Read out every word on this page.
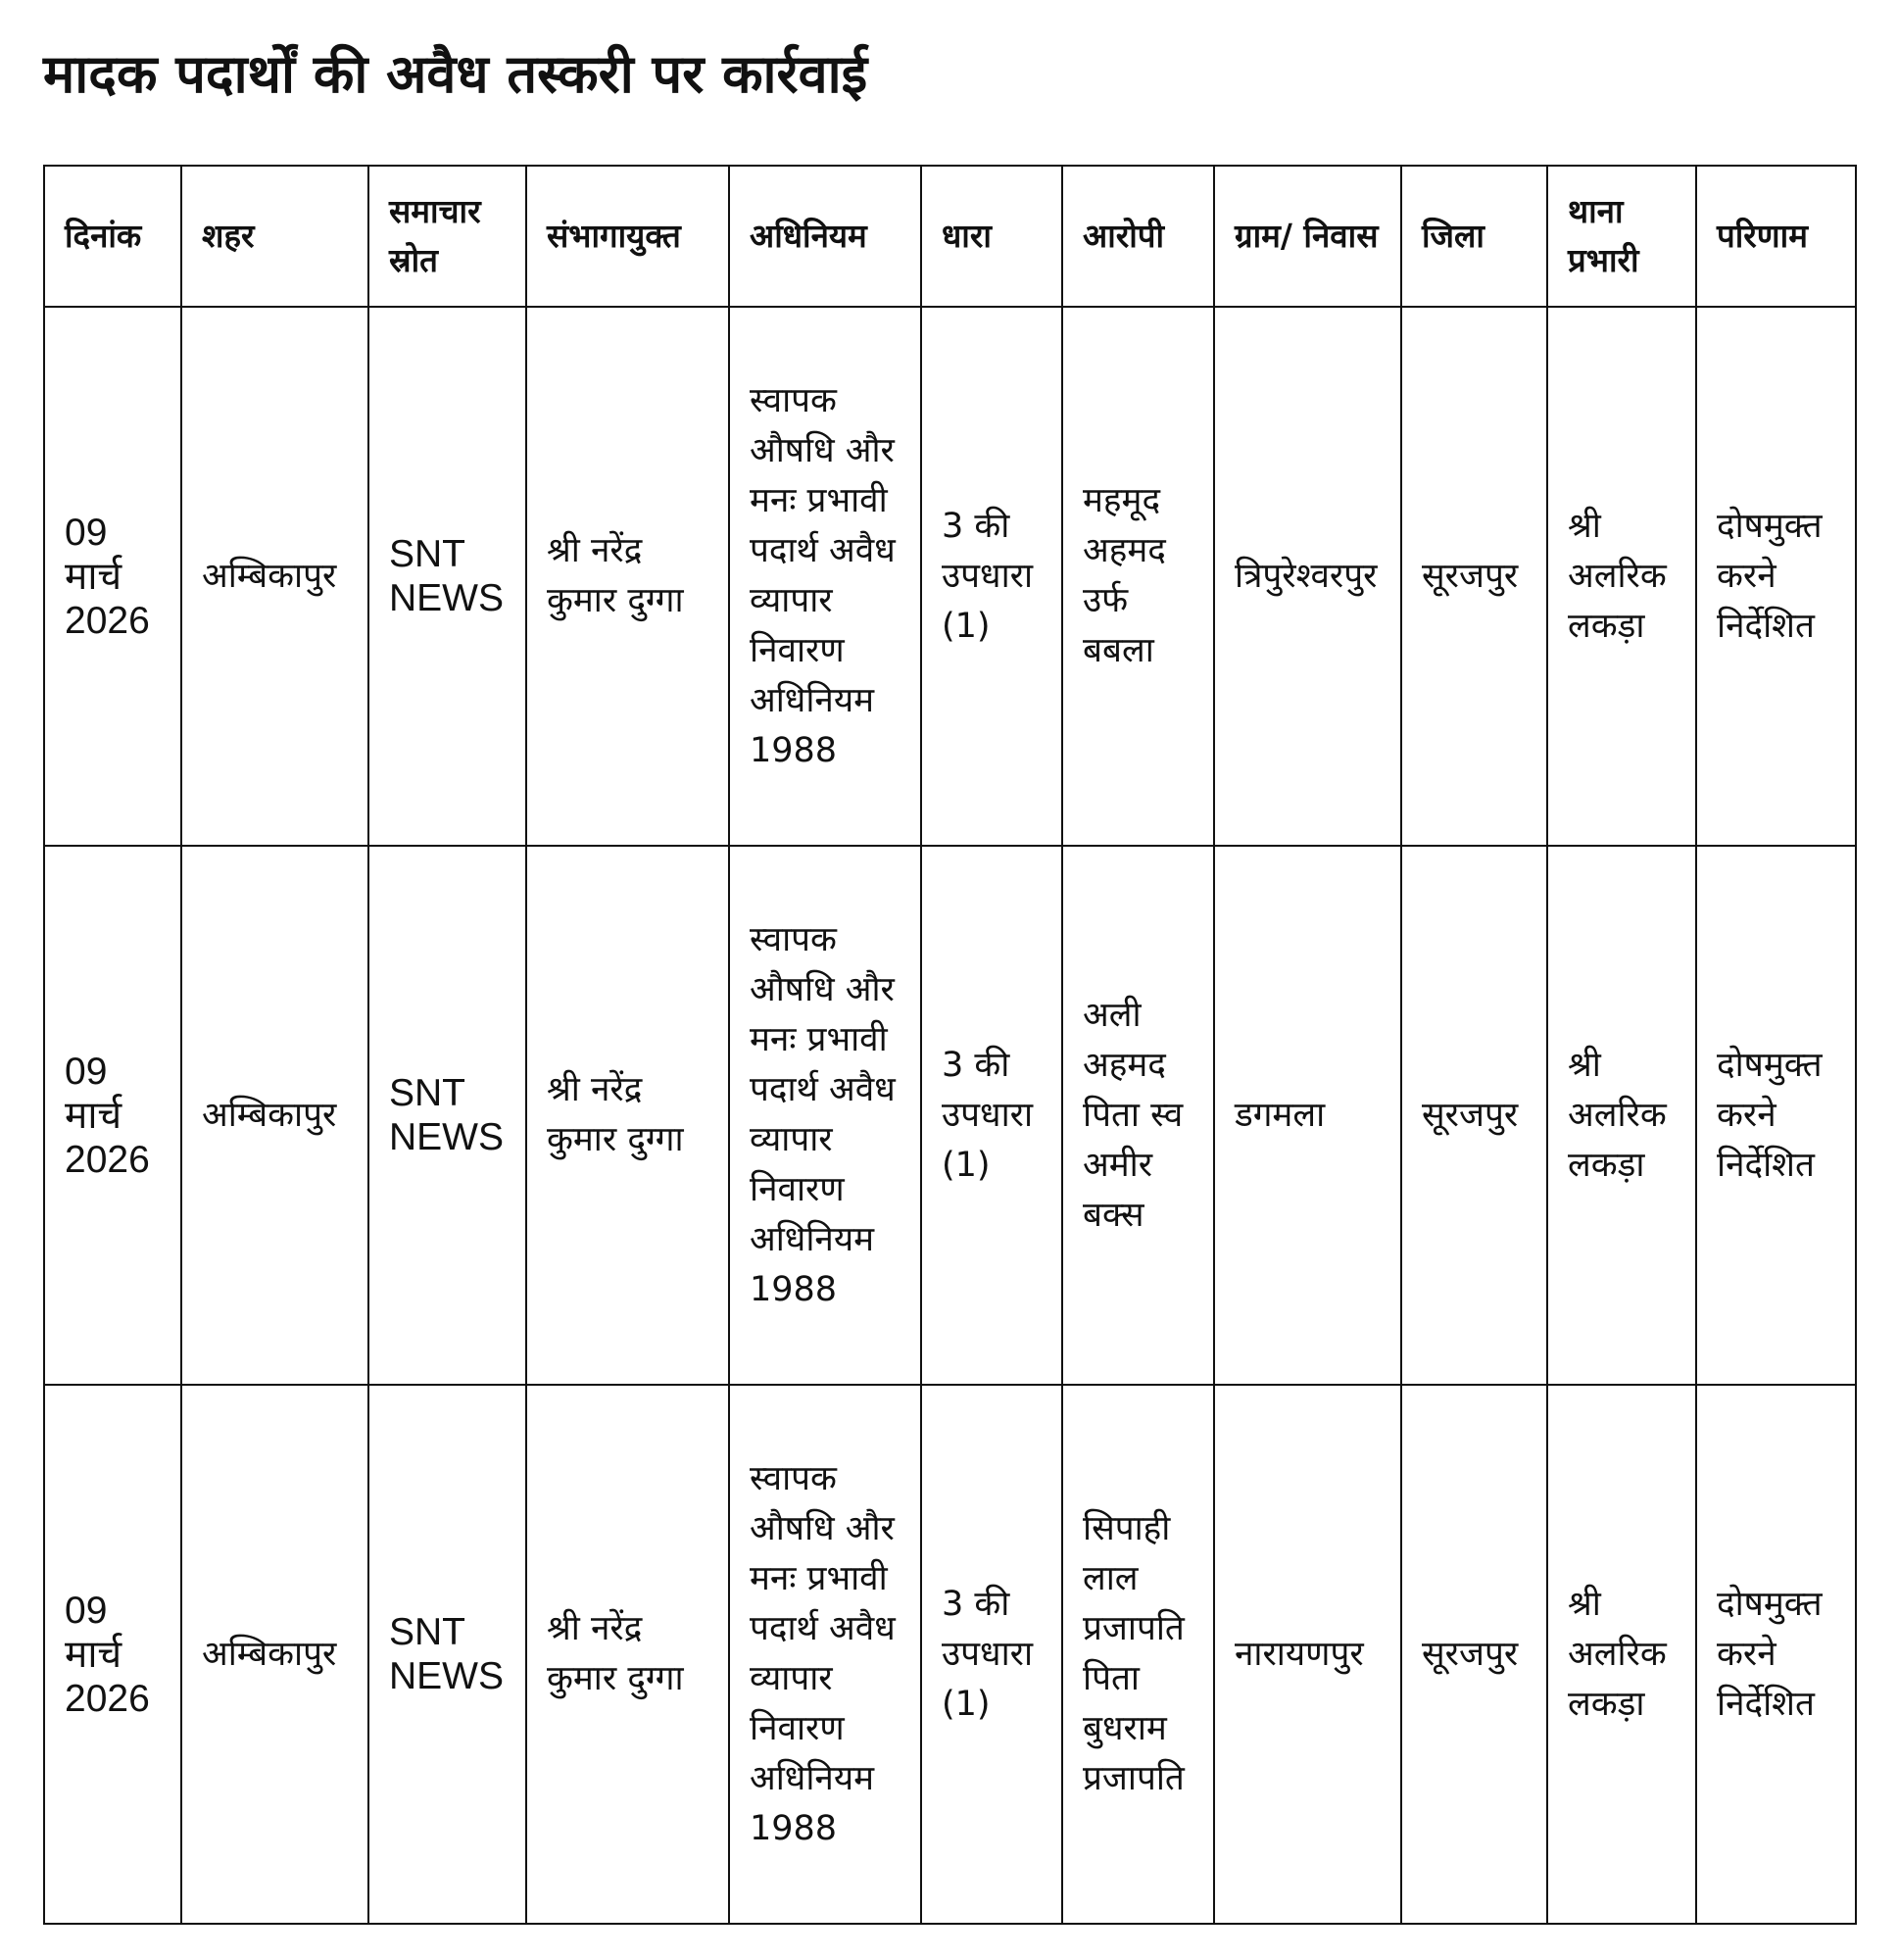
मादक पदार्थों की अवैध तस्करी पर कार्रवाई
दिनांक	शहर	समाचार स्रोत	संभागायुक्त	अधिनियम	धारा	आरोपी	ग्राम/ निवास	जिला	थाना प्रभारी	परिणाम
09 मार्च 2026	अम्बिकापुर	SNT NEWS	श्री नरेंद्र कुमार दुग्गा	स्वापक औषधि और मनः प्रभावी पदार्थ अवैध व्यापार निवारण अधिनियम 1988	3 की उपधारा (1)	महमूद अहमद उर्फ बबला	त्रिपुरेश्वरपुर	सूरजपुर	श्री अलरिक लकड़ा	दोषमुक्त करने निर्देशित
09 मार्च 2026	अम्बिकापुर	SNT NEWS	श्री नरेंद्र कुमार दुग्गा	स्वापक औषधि और मनः प्रभावी पदार्थ अवैध व्यापार निवारण अधिनियम 1988	3 की उपधारा (1)	अली अहमद पिता स्व अमीर बक्स	डगमला	सूरजपुर	श्री अलरिक लकड़ा	दोषमुक्त करने निर्देशित
09 मार्च 2026	अम्बिकापुर	SNT NEWS	श्री नरेंद्र कुमार दुग्गा	स्वापक औषधि और मनः प्रभावी पदार्थ अवैध व्यापार निवारण अधिनियम 1988	3 की उपधारा (1)	सिपाही लाल प्रजापति पिता बुधराम प्रजापति	नारायणपुर	सूरजपुर	श्री अलरिक लकड़ा	दोषमुक्त करने निर्देशित
